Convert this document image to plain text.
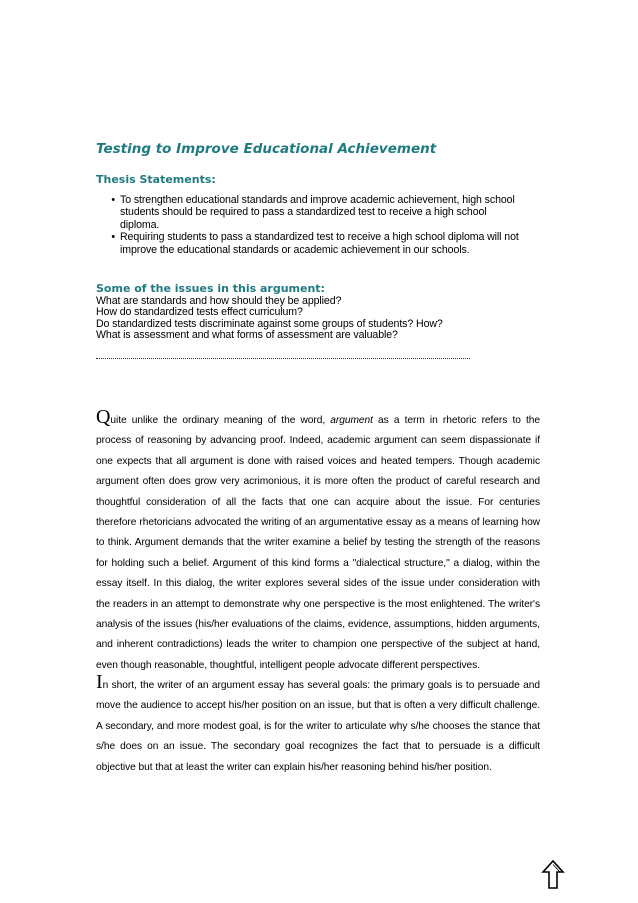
Testing to Improve Educational Achievement
Thesis Statements:
•
To strengthen educational standards and improve academic achievement, high school students should be required to pass a standardized test to receive a high school diploma.
•
Requiring students to pass a standardized test to receive a high school diploma will not improve the educational standards or academic achievement in our schools.
Some of the issues in this argument:
What are standards and how should they be applied?
How do standardized tests effect curriculum?
Do standardized tests discriminate against some groups of students? How?
What is assessment and what forms of assessment are valuable?

Quite unlike the ordinary meaning of the word, argument as a term in rhetoric refers to the process of reasoning by advancing proof. Indeed, academic argument can seem dispassionate if one expects that all argument is done with raised voices and heated tempers. Though academic argument often does grow very acrimonious, it is more often the product of careful research and thoughtful consideration of all the facts that one can acquire about the issue. For centuries therefore rhetoricians advocated the writing of an argumentative essay as a means of learning how to think. Argument demands that the writer examine a belief by testing the strength of the reasons for holding such a belief. Argument of this kind forms a "dialectical structure," a dialog, within the essay itself. In this dialog, the writer explores several sides of the issue under consideration with the readers in an attempt to demonstrate why one perspective is the most enlightened. The writer's analysis of the issues (his/her evaluations of the claims, evidence, assumptions, hidden arguments, and inherent contradictions) leads the writer to champion one perspective of the subject at hand, even though reasonable, thoughtful, intelligent people advocate different perspectives.

In short, the writer of an argument essay has several goals: the primary goals is to persuade and move the audience to accept his/her position on an issue, but that is often a very difficult challenge. A secondary, and more modest goal, is for the writer to articulate why s/he chooses the stance that s/he does on an issue. The secondary goal recognizes the fact that to persuade is a difficult objective but that at least the writer can explain his/her reasoning behind his/her position.
